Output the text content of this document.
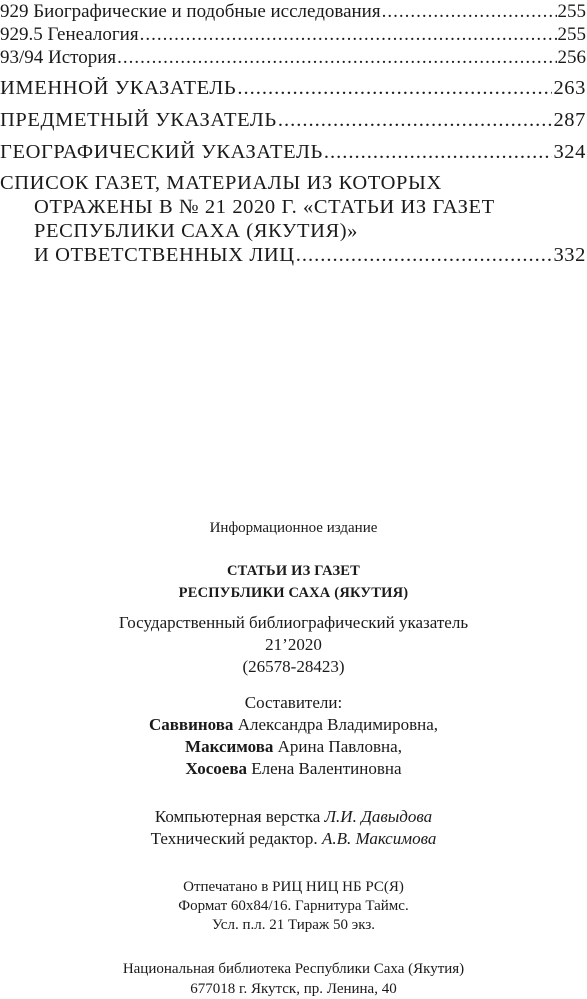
929 Биографические и подобные исследования .....	255
929.5 Генеалогия .....	255
93/94 История .....	256
ИМЕННОЙ УКАЗАТЕЛЬ .....	263
ПРЕДМЕТНЫЙ УКАЗАТЕЛЬ .....	287
ГЕОГРАФИЧЕСКИЙ УКАЗАТЕЛЬ .....	324
СПИСОК ГАЗЕТ, МАТЕРИАЛЫ ИЗ КОТОРЫХ
ОТРАЖЕНЫ В № 21 2020 Г. «СТАТЬИ ИЗ ГАЗЕТ
РЕСПУБЛИКИ САХА (ЯКУТИЯ)»
И ОТВЕТСТВЕННЫХ ЛИЦ .....	332

Информационное издание

СТАТЬИ ИЗ ГАЗЕТ

РЕСПУБЛИКИ САХА (ЯКУТИЯ)

Государственный библиографический указатель

21’2020

(26578-28423)

Составители:

Саввинова Александра Владимировна,

Максимова Арина Павловна,

Хосоева Елена Валентиновна

Компьютерная верстка Л.И. Давыдова

Технический редактор. А.В. Максимова

Отпечатано в РИЦ НИЦ НБ РС(Я)

Формат 60x84/16. Гарнитура Таймс.

Усл. п.л. 21 Тираж 50 экз.

Национальная библиотека Республики Саха (Якутия)

677018 г. Якутск, пр. Ленина, 40
